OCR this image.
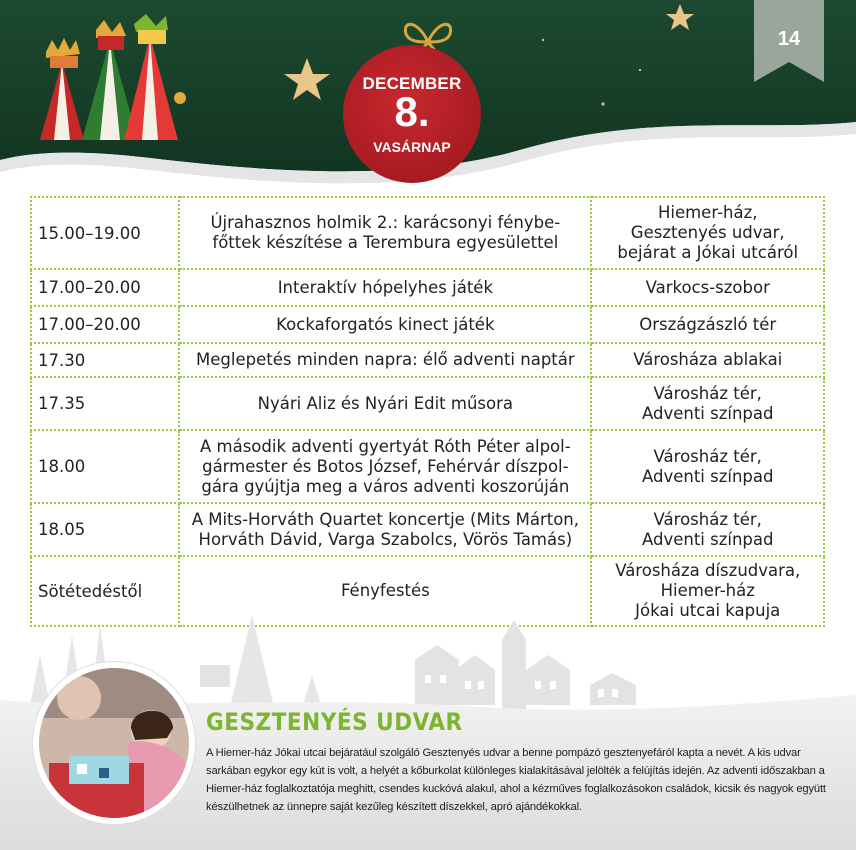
DECEMBER
8.
VASÁRNAP
14
15.00–19.00	Újrahasznos holmik 2.: karácsonyi fénybe-
főttek készítése a Terembura egyesülettel	Hiemer-ház,
Gesztenyés udvar,
bejárat a Jókai utcáról
17.00–20.00	Interaktív hópelyhes játék	Varkocs-szobor
17.00–20.00	Kockaforgatós kinect játék	Országzászló tér
17.30	Meglepetés minden napra: élő adventi naptár	Városháza ablakai
17.35	Nyári Aliz és Nyári Edit műsora	Városház tér,
Adventi színpad
18.00	A második adventi gyertyát Róth Péter alpol-
gármester és Botos József, Fehérvár díszpol-
gára gyújtja meg a város adventi koszorúján	Városház tér,
Adventi színpad
18.05	A Mits-Horváth Quartet koncertje (Mits Márton,
Horváth Dávid, Varga Szabolcs, Vörös Tamás)	Városház tér,
Adventi színpad
Sötétedéstől	Fényfestés	Városháza díszudvara,
Hiemer-ház
Jókai utcai kapuja
GESZTENYÉS UDVAR
A Hiemer-ház Jókai utcai bejáratául szolgáló Gesztenyés udvar a benne pompázó gesztenyefáról kapta a nevét. A kis udvar sarkában egykor egy kút is volt, a helyét a kőburkolat különleges kialakításával jelölték a felújítás idején. Az adventi időszakban a Hiemer-ház foglalkoztatója meghitt, csendes kuckóvá alakul, ahol a kézműves foglalkozásokon családok, kicsik és nagyok együtt készülhetnek az ünnepre saját kezűleg készített díszekkel, apró ajándékokkal.
